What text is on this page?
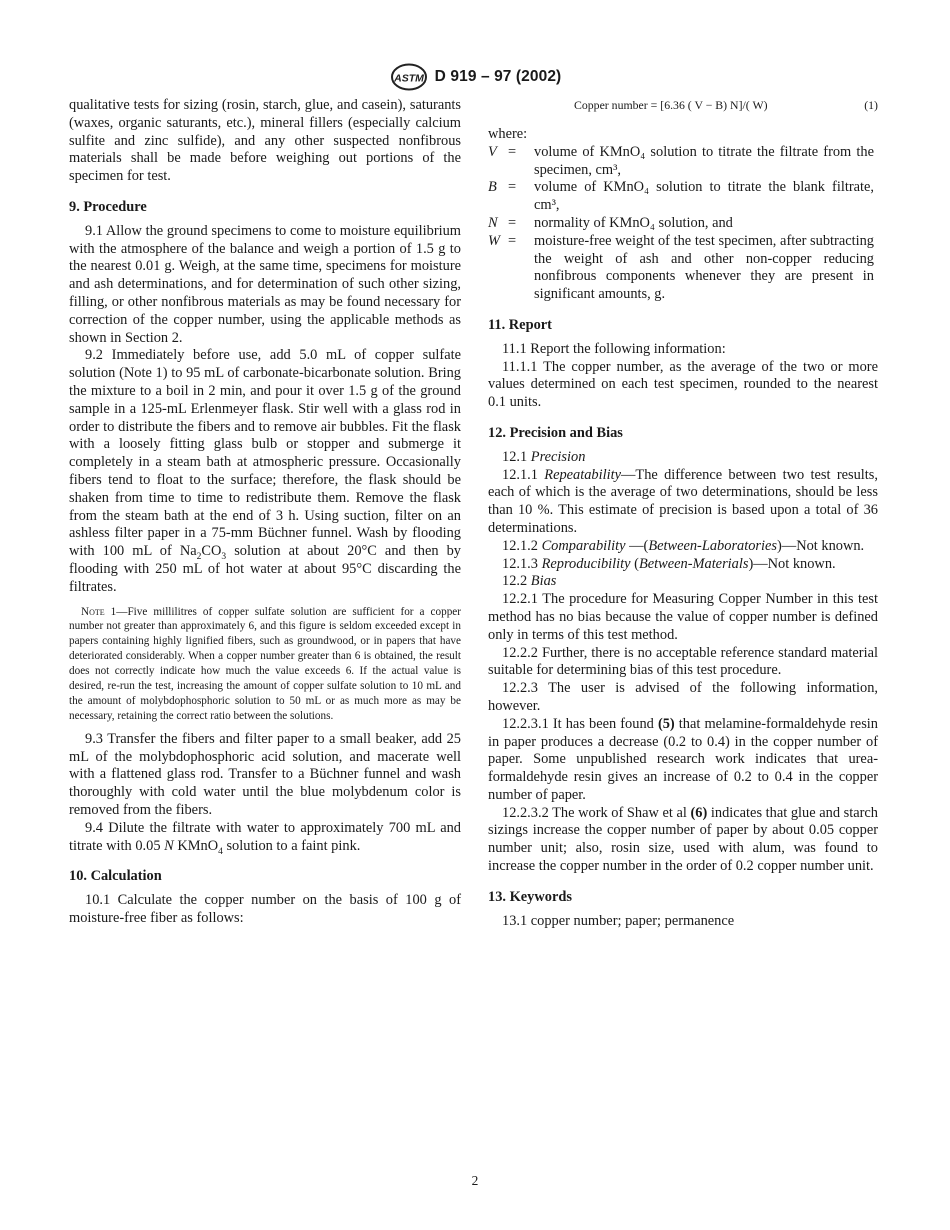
ASTM D 919 – 97 (2002)

qualitative tests for sizing (rosin, starch, glue, and casein), saturants (waxes, organic saturants, etc.), mineral fillers (especially calcium sulfite and zinc sulfide), and any other suspected nonfibrous materials shall be made before weighing out portions of the specimen for test.

9. Procedure

9.1 Allow the ground specimens to come to moisture equilibrium with the atmosphere of the balance and weigh a portion of 1.5 g to the nearest 0.01 g. Weigh, at the same time, specimens for moisture and ash determinations, and for determination of such other sizing, filling, or other nonfibrous materials as may be found necessary for correction of the copper number, using the applicable methods as shown in Section 2.

9.2 Immediately before use, add 5.0 mL of copper sulfate solution (Note 1) to 95 mL of carbonate-bicarbonate solution. Bring the mixture to a boil in 2 min, and pour it over 1.5 g of the ground sample in a 125-mL Erlenmeyer flask. Stir well with a glass rod in order to distribute the fibers and to remove air bubbles. Fit the flask with a loosely fitting glass bulb or stopper and submerge it completely in a steam bath at atmospheric pressure. Occasionally fibers tend to float to the surface; therefore, the flask should be shaken from time to time to redistribute them. Remove the flask from the steam bath at the end of 3 h. Using suction, filter on an ashless filter paper in a 75-mm Büchner funnel. Wash by flooding with 100 mL of $Na_2CO_3$ solution at about 20°C and then by flooding with 250 mL of hot water at about 95°C discarding the filtrates.

Note 1—Five millilitres of copper sulfate solution are sufficient for a copper number not greater than approximately 6, and this figure is seldom exceeded except in papers containing highly lignified fibers, such as groundwood, or in papers that have deteriorated considerably. When a copper number greater than 6 is obtained, the result does not correctly indicate how much the value exceeds 6. If the actual value is desired, re-run the test, increasing the amount of copper sulfate solution to 10 mL and the amount of molybdophosphoric solution to 50 mL or as much more as may be necessary, retaining the correct ratio between the solutions.

9.3 Transfer the fibers and filter paper to a small beaker, add 25 mL of the molybdophosphoric acid solution, and macerate well with a flattened glass rod. Transfer to a Büchner funnel and wash thoroughly with cold water until the blue molybdenum color is removed from the fibers.

9.4 Dilute the filtrate with water to approximately 700 mL and titrate with 0.05 N KMnO$_4$ solution to a faint pink.

10. Calculation

10.1 Calculate the copper number on the basis of 100 g of moisture-free fiber as follows:

Copper number = [6.36 ( V − B) N]/( W)	(1)

where:

V =	volume of KMnO₄ solution to titrate the filtrate from the specimen, cm³,
B =	volume of KMnO₄ solution to titrate the blank filtrate, cm³,
N =	normality of KMnO₄ solution, and
W =	moisture-free weight of the test specimen, after subtracting the weight of ash and other non-copper reducing nonfibrous components whenever they are present in significant amounts, g.
11. Report

11.1 Report the following information:

11.1.1 The copper number, as the average of the two or more values determined on each test specimen, rounded to the nearest 0.1 units.

12. Precision and Bias

12.1 Precision

12.1.1 Repeatability—The difference between two test results, each of which is the average of two determinations, should be less than 10 %. This estimate of precision is based upon a total of 36 determinations.

12.1.2 Comparability —(Between-Laboratories)—Not known.

12.1.3 Reproducibility (Between-Materials)—Not known.

12.2 Bias

12.2.1 The procedure for Measuring Copper Number in this test method has no bias because the value of copper number is defined only in terms of this test method.

12.2.2 Further, there is no acceptable reference standard material suitable for determining bias of this test procedure.

12.2.3 The user is advised of the following information, however.

12.2.3.1 It has been found (5) that melamine-formaldehyde resin in paper produces a decrease (0.2 to 0.4) in the copper number of paper. Some unpublished research work indicates that urea-formaldehyde resin gives an increase of 0.2 to 0.4 in the copper number of paper.

12.2.3.2 The work of Shaw et al (6) indicates that glue and starch sizings increase the copper number of paper by about 0.05 copper number unit; also, rosin size, used with alum, was found to increase the copper number in the order of 0.2 copper number unit.

13. Keywords

13.1 copper number; paper; permanence

2
